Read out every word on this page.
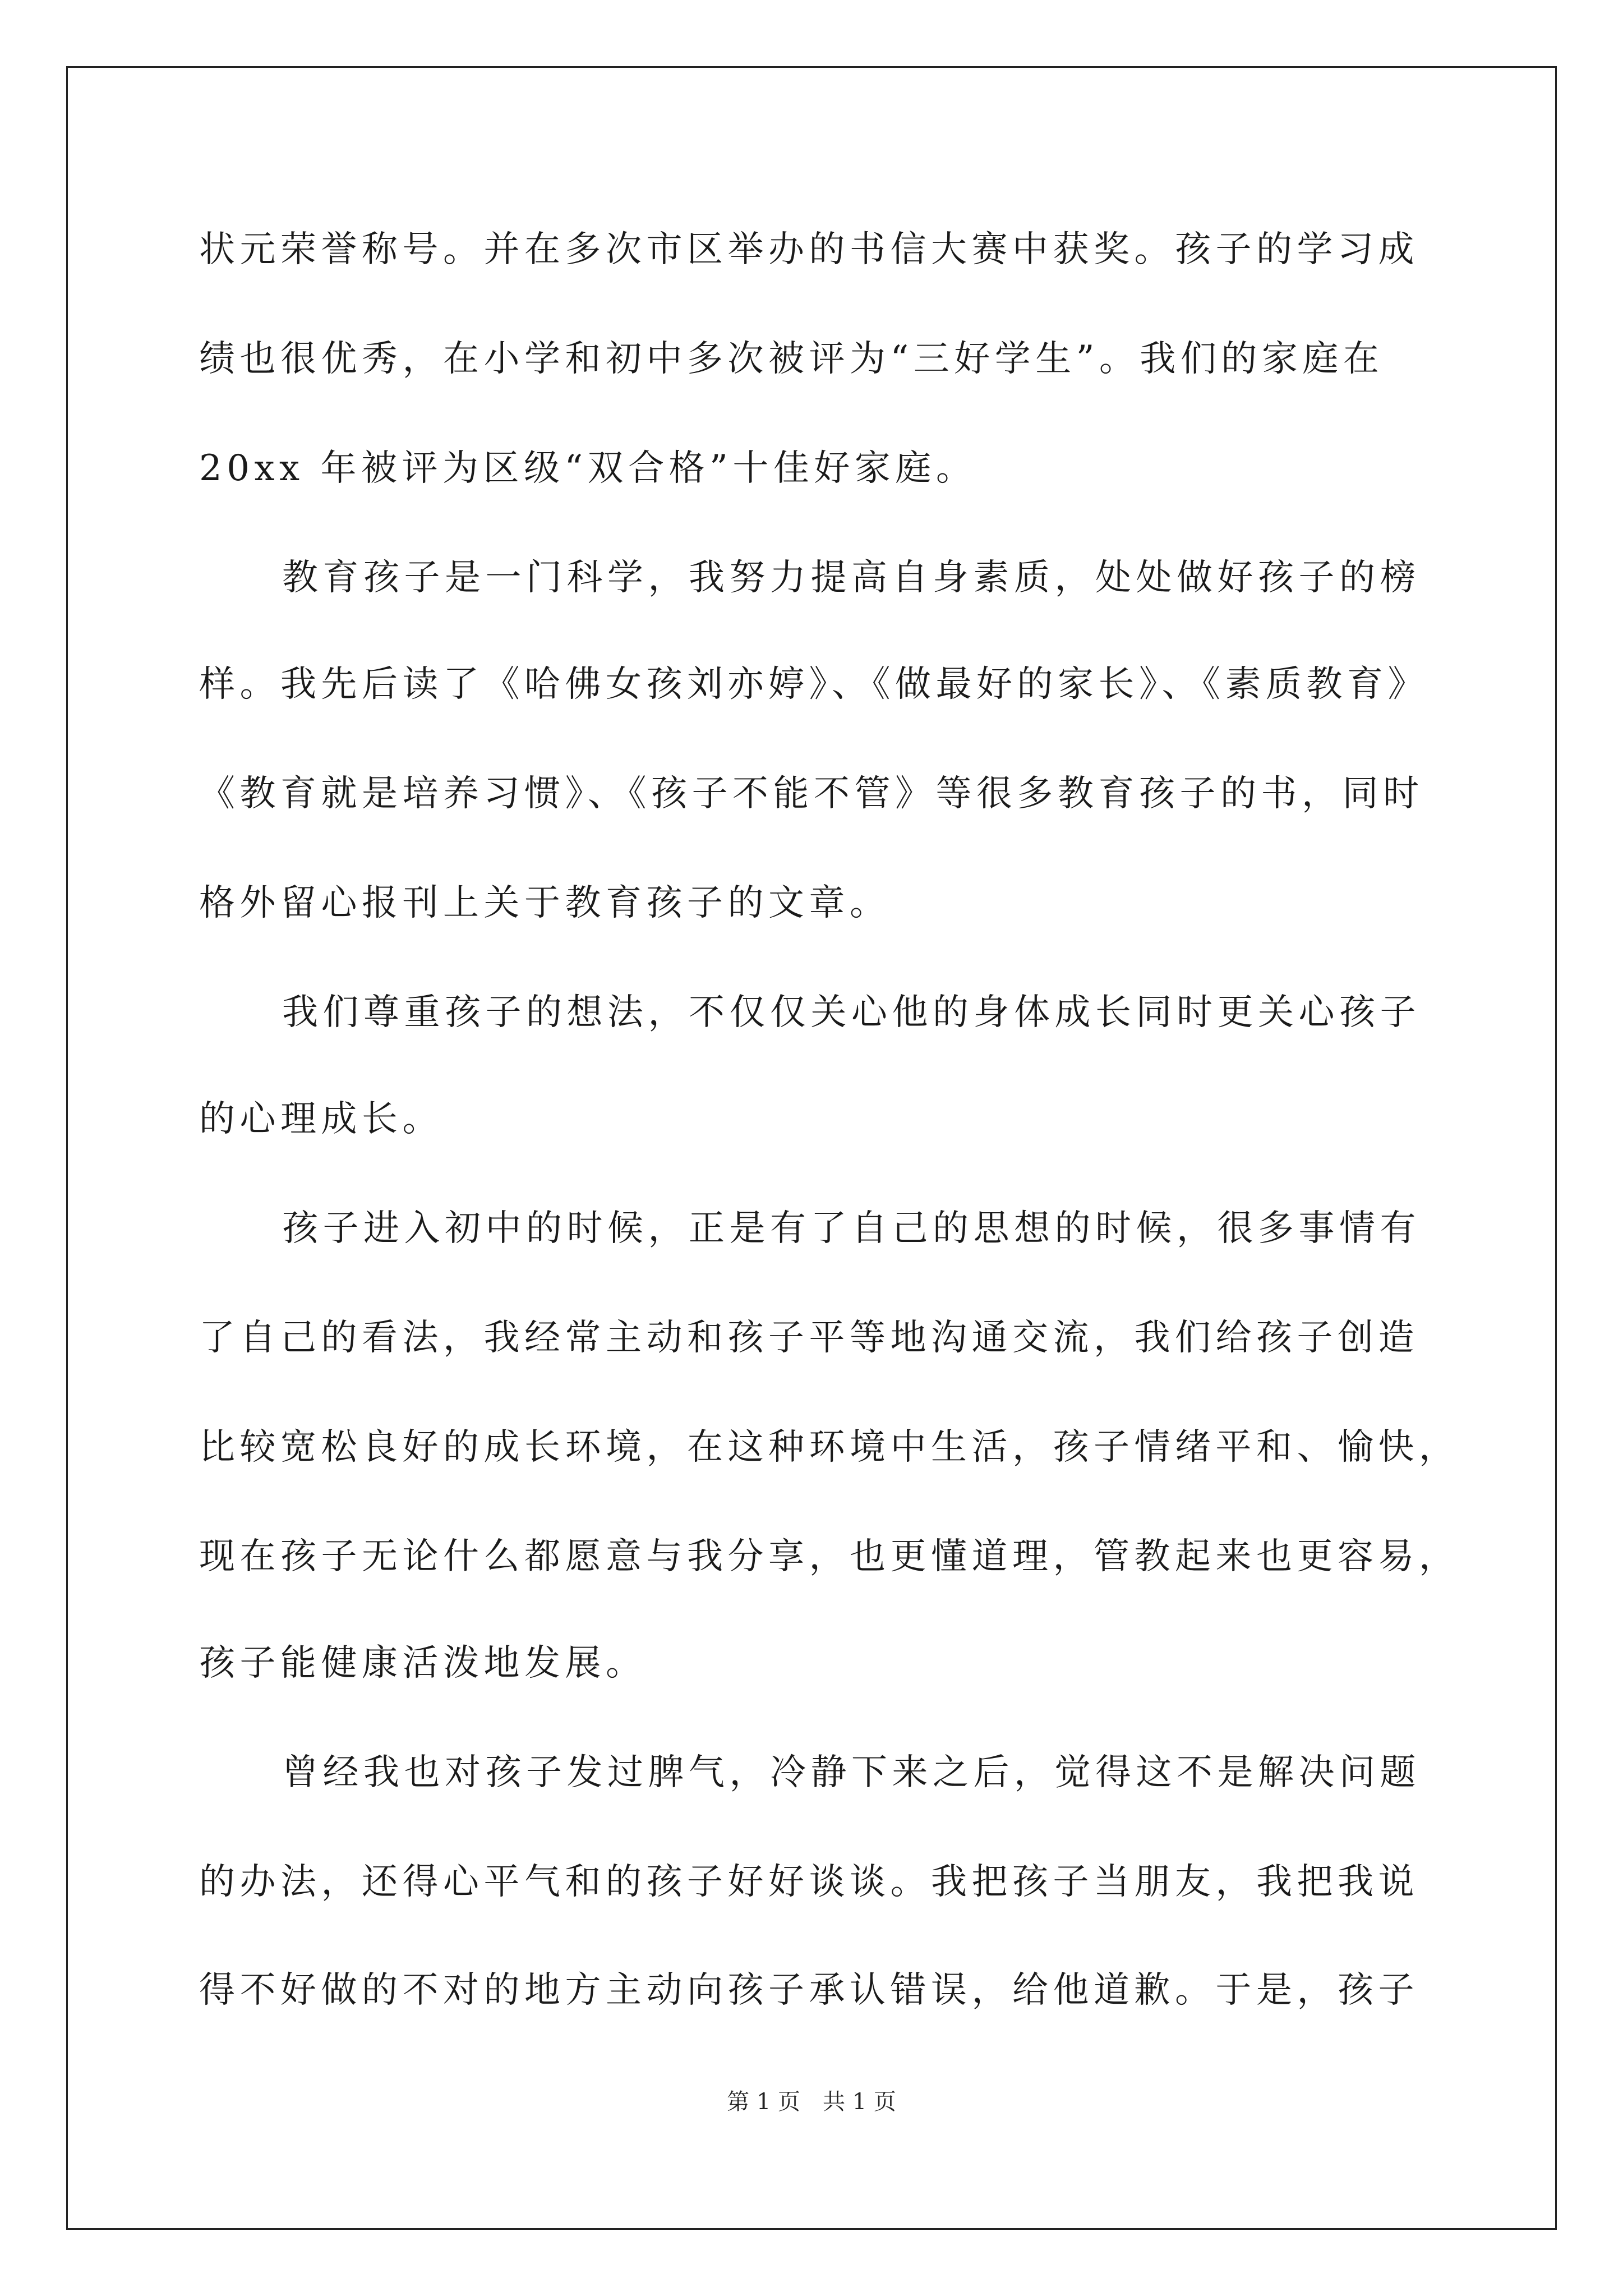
状元荣誉称号。并在多次市区举办的书信大赛中获奖。孩子的学习成
绩也很优秀，在小学和初中多次被评为“三好学生”。我们的家庭在
20xx 年被评为区级“双合格”十佳好家庭。
教育孩子是一门科学，我努力提高自身素质，处处做好孩子的榜
样。我先后读了《哈佛女孩刘亦婷》、《做最好的家长》、《素质教育》
《教育就是培养习惯》、《孩子不能不管》等很多教育孩子的书，同时
格外留心报刊上关于教育孩子的文章。
我们尊重孩子的想法，不仅仅关心他的身体成长同时更关心孩子
的心理成长。
孩子进入初中的时候，正是有了自己的思想的时候，很多事情有
了自己的看法，我经常主动和孩子平等地沟通交流，我们给孩子创造
比较宽松良好的成长环境，在这种环境中生活，孩子情绪平和、愉快，
现在孩子无论什么都愿意与我分享，也更懂道理，管教起来也更容易，
孩子能健康活泼地发展。
曾经我也对孩子发过脾气，冷静下来之后，觉得这不是解决问题
的办法，还得心平气和的孩子好好谈谈。我把孩子当朋友，我把我说
得不好做的不对的地方主动向孩子承认错误，给他道歉。于是，孩子
第 1 页　共 1 页
